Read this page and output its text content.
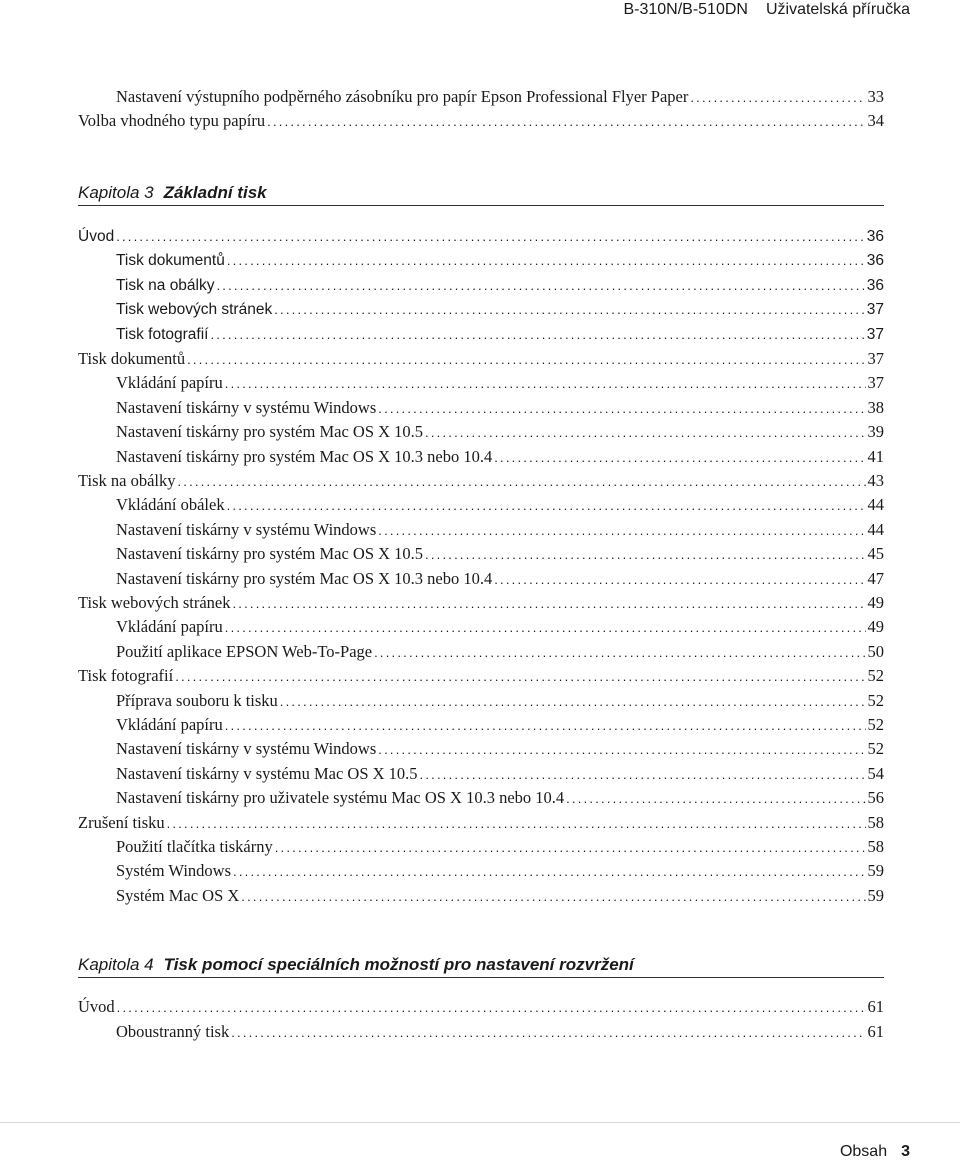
B-310N/B-510DN Uživatelská příručka
Nastavení výstupního podpěrného zásobníku pro papír Epson Professional Flyer Paper .....	33
Volba vhodného typu papíru .....	34
Kapitola 3 Základní tisk
Úvod .....	36
Tisk dokumentů .....	36
Tisk na obálky .....	36
Tisk webových stránek .....	37
Tisk fotografií .....	37
Tisk dokumentů .....	37
Vkládání papíru .....	37
Nastavení tiskárny v systému Windows .....	38
Nastavení tiskárny pro systém Mac OS X 10.5 .....	39
Nastavení tiskárny pro systém Mac OS X 10.3 nebo 10.4 .....	41
Tisk na obálky .....	43
Vkládání obálek .....	44
Nastavení tiskárny v systému Windows .....	44
Nastavení tiskárny pro systém Mac OS X 10.5 .....	45
Nastavení tiskárny pro systém Mac OS X 10.3 nebo 10.4 .....	47
Tisk webových stránek .....	49
Vkládání papíru .....	49
Použití aplikace EPSON Web-To-Page .....	50
Tisk fotografií .....	52
Příprava souboru k tisku .....	52
Vkládání papíru .....	52
Nastavení tiskárny v systému Windows .....	52
Nastavení tiskárny v systému Mac OS X 10.5 .....	54
Nastavení tiskárny pro uživatele systému Mac OS X 10.3 nebo 10.4 .....	56
Zrušení tisku .....	58
Použití tlačítka tiskárny .....	58
Systém Windows .....	59
Systém Mac OS X .....	59
Kapitola 4 Tisk pomocí speciálních možností pro nastavení rozvržení
Úvod .....	61
Oboustranný tisk .....	61
Obsah 3
